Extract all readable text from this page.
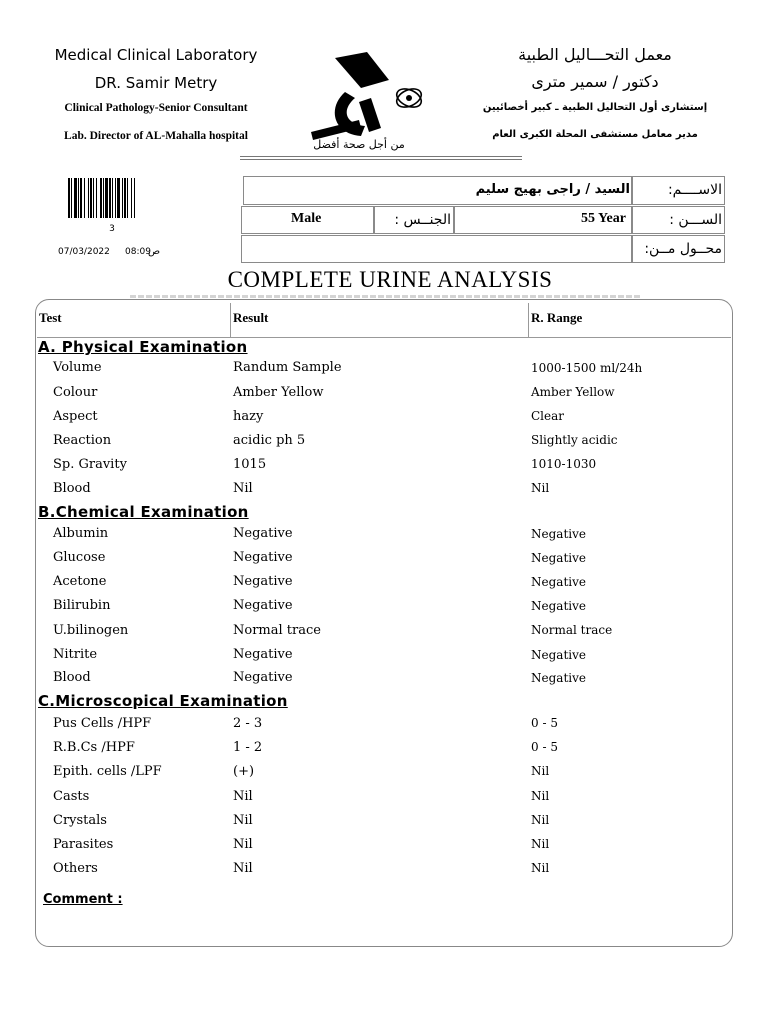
Medical Clinical Laboratory
DR. Samir Metry
Clinical Pathology-Senior Consultant
Lab. Director of AL-Mahalla hospital
من أجل صحة أفضل
معمل التحـــاليل الطبية
دكتور / سمير مترى
إستشارى أول التحاليل الطبية ـ كبير أخصائيين
مدير معامل مستشفى المحلة الكبرى العام
3
07/03/2022 08:09
ص
السيد / راجى بهيج سليم	الاســــم:
Male	الجنــس :	55 Year	الســـن :
محــول مــن:
COMPLETE URINE ANALYSIS
Test	Result	R. Range
A. Physical Examination
Volume	Randum Sample	1000-1500 ml/24h
Colour	Amber Yellow	Amber Yellow
Aspect	hazy	Clear
Reaction	acidic ph 5	Slightly acidic
Sp. Gravity	1015	1010-1030
Blood	Nil	Nil
B.Chemical Examination
Albumin	Negative	Negative
Glucose	Negative	Negative
Acetone	Negative	Negative
Bilirubin	Negative	Negative
U.bilinogen	Normal trace	Normal trace
Nitrite	Negative	Negative
Blood	Negative	Negative
C.Microscopical Examination
Pus Cells /HPF	2 - 3	0 - 5
R.B.Cs /HPF	1 - 2	0 - 5
Epith. cells /LPF	(+)	Nil
Casts	Nil	Nil
Crystals	Nil	Nil
Parasites	Nil	Nil
Others	Nil	Nil
Comment :
